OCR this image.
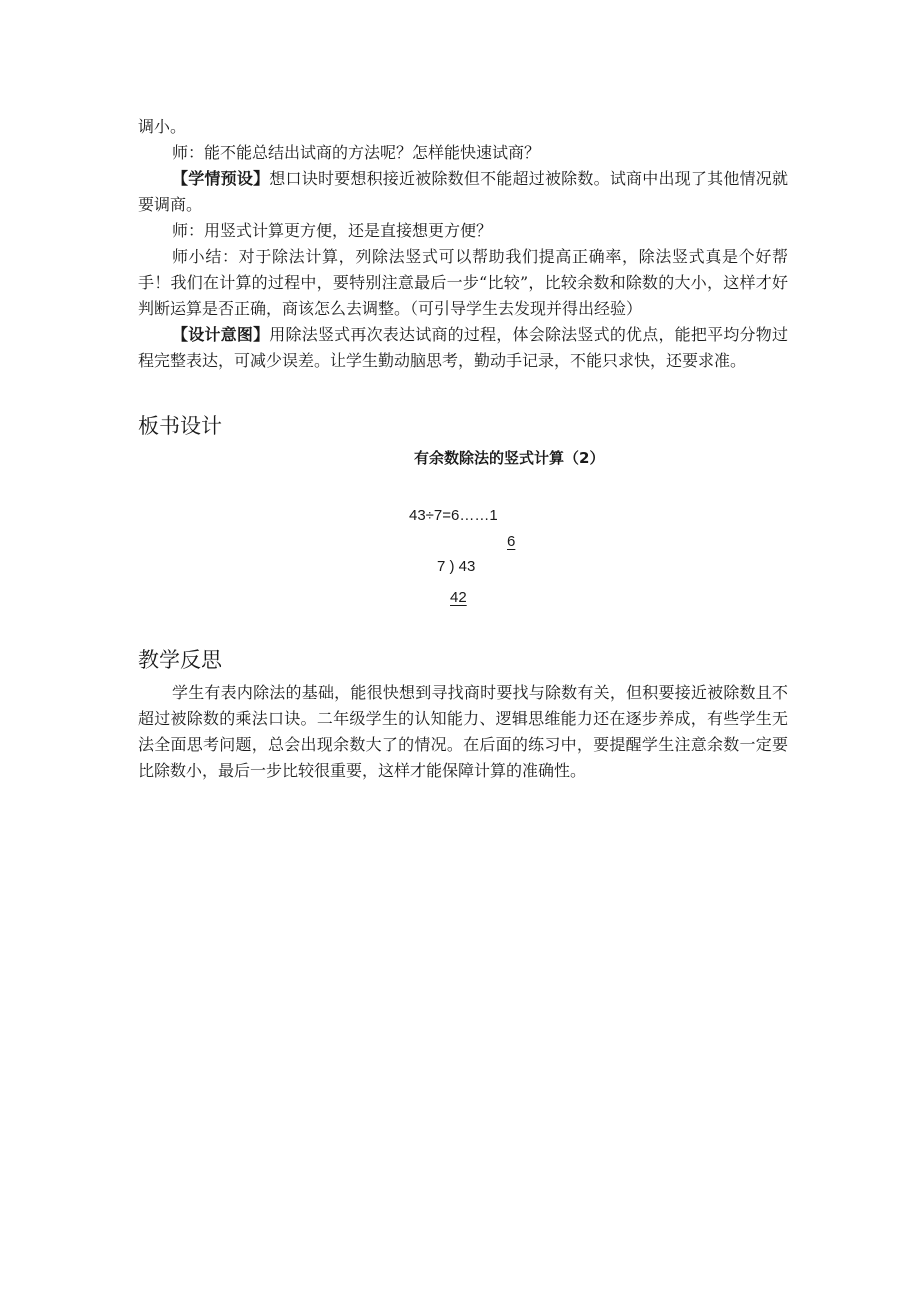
调小。

师：能不能总结出试商的方法呢？怎样能快速试商？

【学情预设】想口诀时要想积接近被除数但不能超过被除数。试商中出现了其他情况就要调商。

师：用竖式计算更方便，还是直接想更方便？

师小结：对于除法计算，列除法竖式可以帮助我们提高正确率，除法竖式真是个好帮手！我们在计算的过程中，要特别注意最后一步“比较”，比较余数和除数的大小，这样才好判断运算是否正确，商该怎么去调整。（可引导学生去发现并得出经验）

【设计意图】用除法竖式再次表达试商的过程，体会除法竖式的优点，能把平均分物过程完整表达，可减少误差。让学生勤动脑思考，勤动手记录，不能只求快，还要求准。

板书设计
有余数除法的竖式计算（2）
43÷7=6……1
6
7 ) 43
42
教学反思

学生有表内除法的基础，能很快想到寻找商时要找与除数有关，但积要接近被除数且不超过被除数的乘法口诀。二年级学生的认知能力、逻辑思维能力还在逐步养成，有些学生无法全面思考问题，总会出现余数大了的情况。在后面的练习中，要提醒学生注意余数一定要比除数小，最后一步比较很重要，这样才能保障计算的准确性。
